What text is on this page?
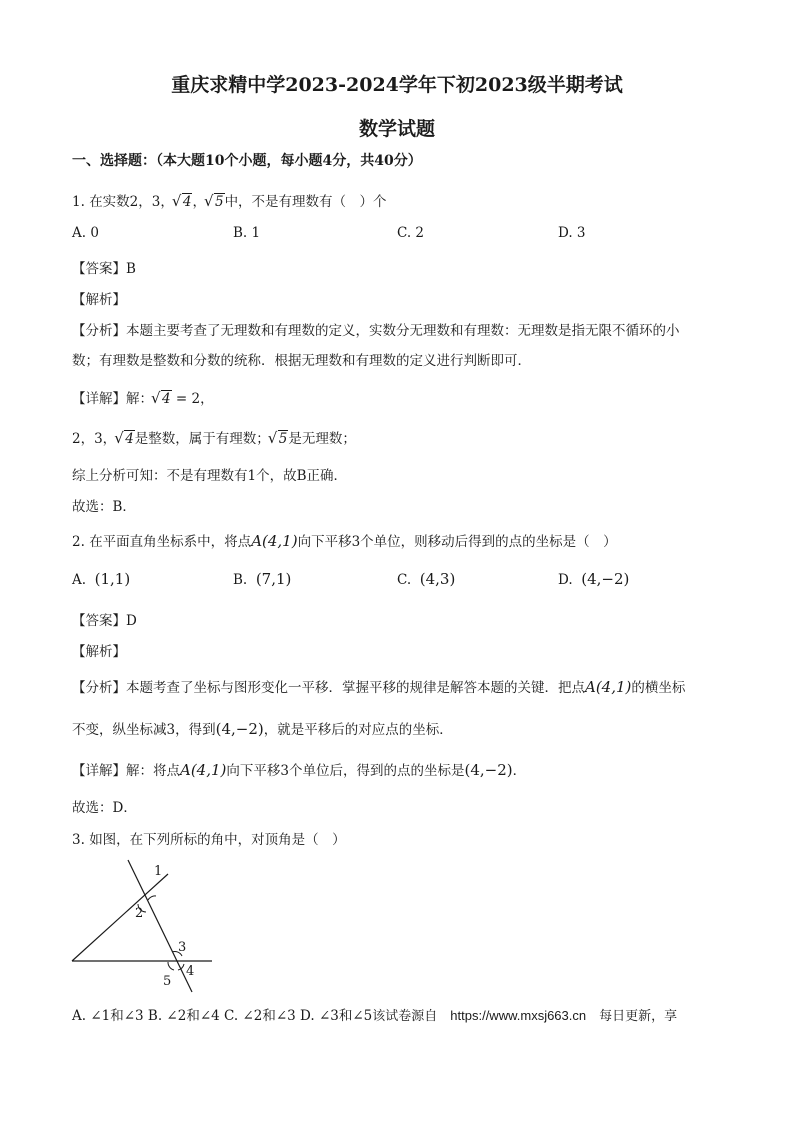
重庆求精中学2023-2024学年下初2023级半期考试
数学试题
一、选择题：（本大题10个小题，每小题4分，共40分）
1. 在实数2，3， √ 4， √ 5中，不是有理数有（　）个
A. 0	B. 1	C. 2	D. 3
【答案】B
【解析】
【分析】本题主要考查了无理数和有理数的定义，实数分无理数和有理数：无理数是指无限不循环的小
数；有理数是整数和分数的统称．根据无理数和有理数的定义进行判断即可．
【详解】解： √ 4 = 2，
2，3， √ 4是整数，属于有理数； √ 5是无理数；
综上分析可知：不是有理数有1个，故B正确．
故选：B．
2. 在平面直角坐标系中，将点A(4,1)向下平移3个单位，则移动后得到的点的坐标是（　）
A. (1,1)	B. (7,1)	C. (4,3)	D. (4,−2)
【答案】D
【解析】
【分析】本题考查了坐标与图形变化一平移．掌握平移的规律是解答本题的关键．把点A(4,1)的横坐标
不变，纵坐标减3，得到(4,−2)，就是平移后的对应点的坐标．
【详解】解：将点A(4,1)向下平移3个单位后，得到的点的坐标是(4,−2)．
故选：D．
3. 如图，在下列所标的角中，对顶角是（　）
1
2
3
4
5
A. ∠1和∠3 B. ∠2和∠4 C. ∠2和∠3 D. ∠3和∠5该试卷源自　https://www.mxsj663.cn　每日更新，享
